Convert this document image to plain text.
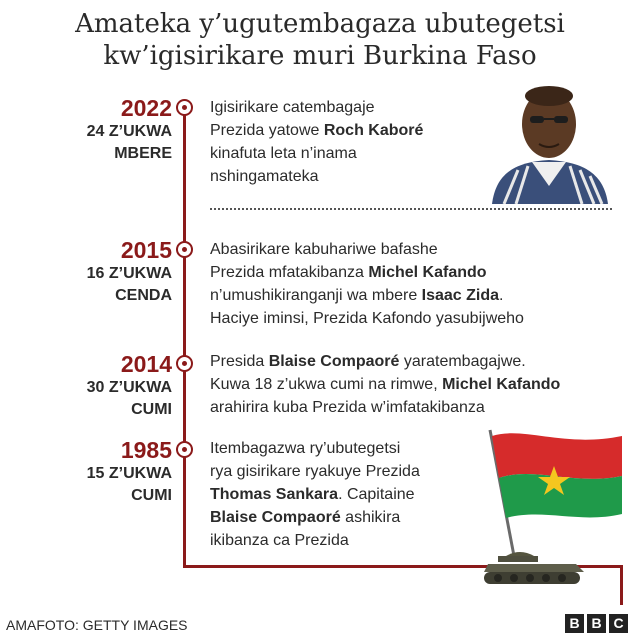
Amateka y’ugutembagaza ubutegetsi
kw’igisirikare muri Burkina Faso
2022
24 Z’UKWA
MBERE
Igisirikare catembagaje
Prezida yatowe Roch Kaboré
kinafuta leta n’inama
nshingamateka
2015
16 Z’UKWA
CENDA
Abasirikare kabuhariwe bafashe
Prezida mfatakibanza Michel Kafando
n’umushikiranganji wa mbere Isaac Zida.
Haciye iminsi, Prezida Kafondo yasubijweho
2014
30 Z’UKWA
CUMI
Presida Blaise Compaoré yaratembagajwe.
Kuwa 18 z’ukwa cumi na rimwe, Michel Kafando
arahirira kuba Prezida w’imfatakibanza
1985
15 Z’UKWA
CUMI
Itembagazwa ry’ubutegetsi
rya gisirikare ryakuye Prezida
Thomas Sankara. Capitaine
Blaise Compaoré ashikira
ikibanza ca Prezida
AMAFOTO: GETTY IMAGES	B B C
